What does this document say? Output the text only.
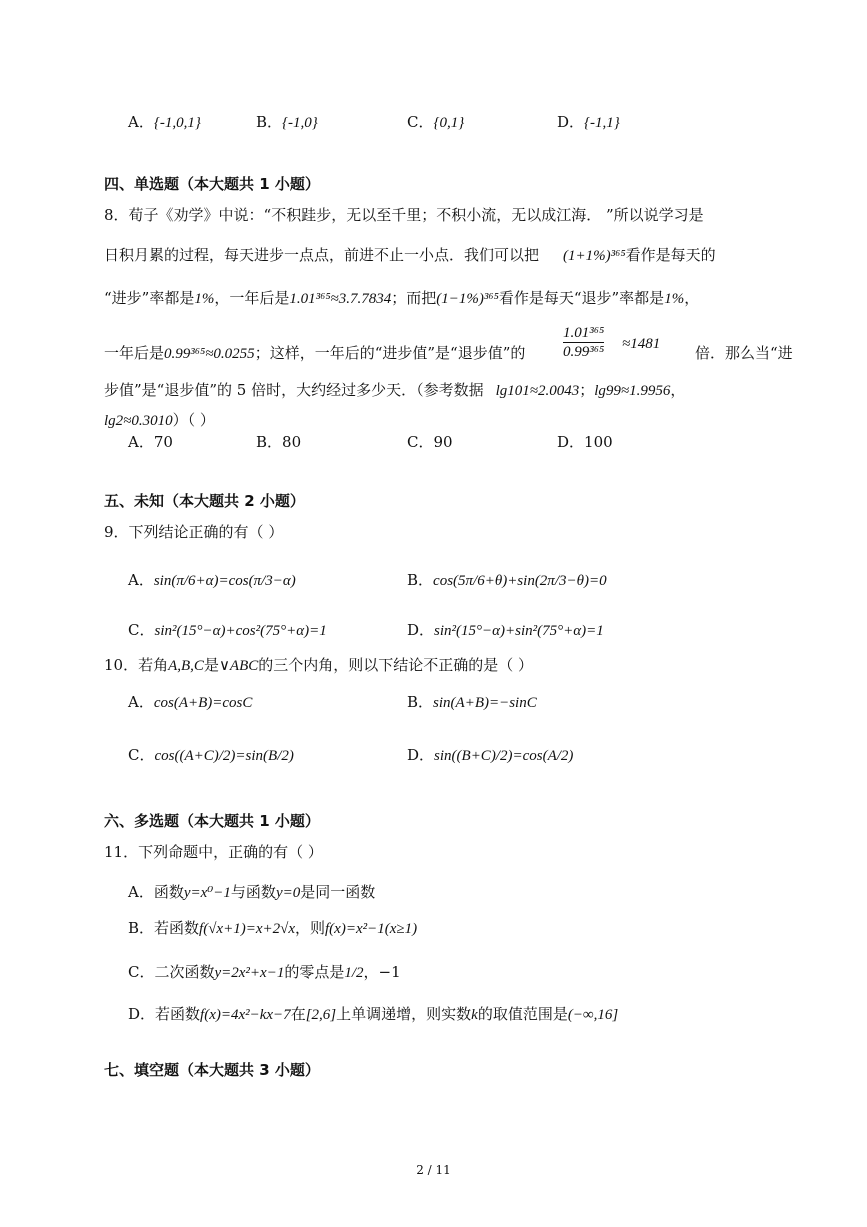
A．{-1,0,1}	B．{-1,0}	C．{0,1}	D．{-1,1}
四、单选题（本大题共 1 小题）
8．荀子《劝学》中说：“不积跬步，无以至千里；不积小流，无以成江海． ”所以说学习是
日积月累的过程，每天进步一点点，前进不止一小点．我们可以把 (1+1%)³⁶⁵看作是每天的
“进步”率都是1%，一年后是1.01³⁶⁵≈3.7.7834；而把(1−1%)³⁶⁵看作是每天“退步”率都是1%，
一年后是0.99³⁶⁵≈0.0255；这样，一年后的“进步值”是“退步值”的
1.01³⁶⁵
0.99³⁶⁵ ≈1481 倍．那么当“进
步值”是“退步值”的 5 倍时，大约经过多少天．（参考数据 lg101≈2.0043；lg99≈1.9956，
lg2≈0.3010）（ ）
A．70	B．80	C．90	D．100
五、未知（本大题共 2 小题）
9．下列结论正确的有（ ）
A．sin(π/6+α)=cos(π/3−α)	B．cos(5π/6+θ)+sin(2π/3−θ)=0
C．sin²(15°−α)+cos²(75°+α)=1	D．sin²(15°−α)+sin²(75°+α)=1
10．若角A,B,C是∨ABC的三个内角，则以下结论不正确的是（ ）
A．cos(A+B)=cosC	B．sin(A+B)=−sinC
C．cos((A+C)/2)=sin(B/2)	D．sin((B+C)/2)=cos(A/2)
六、多选题（本大题共 1 小题）
11．下列命题中，正确的有（ ）
A．函数y=x⁰−1与函数y=0是同一函数
B．若函数f(√x+1)=x+2√x，则f(x)=x²−1(x≥1)
C．二次函数y=2x²+x−1的零点是1/2，−1
D．若函数f(x)=4x²−kx−7在[2,6]上单调递增，则实数k的取值范围是(−∞,16]
七、填空题（本大题共 3 小题）
2 / 11
